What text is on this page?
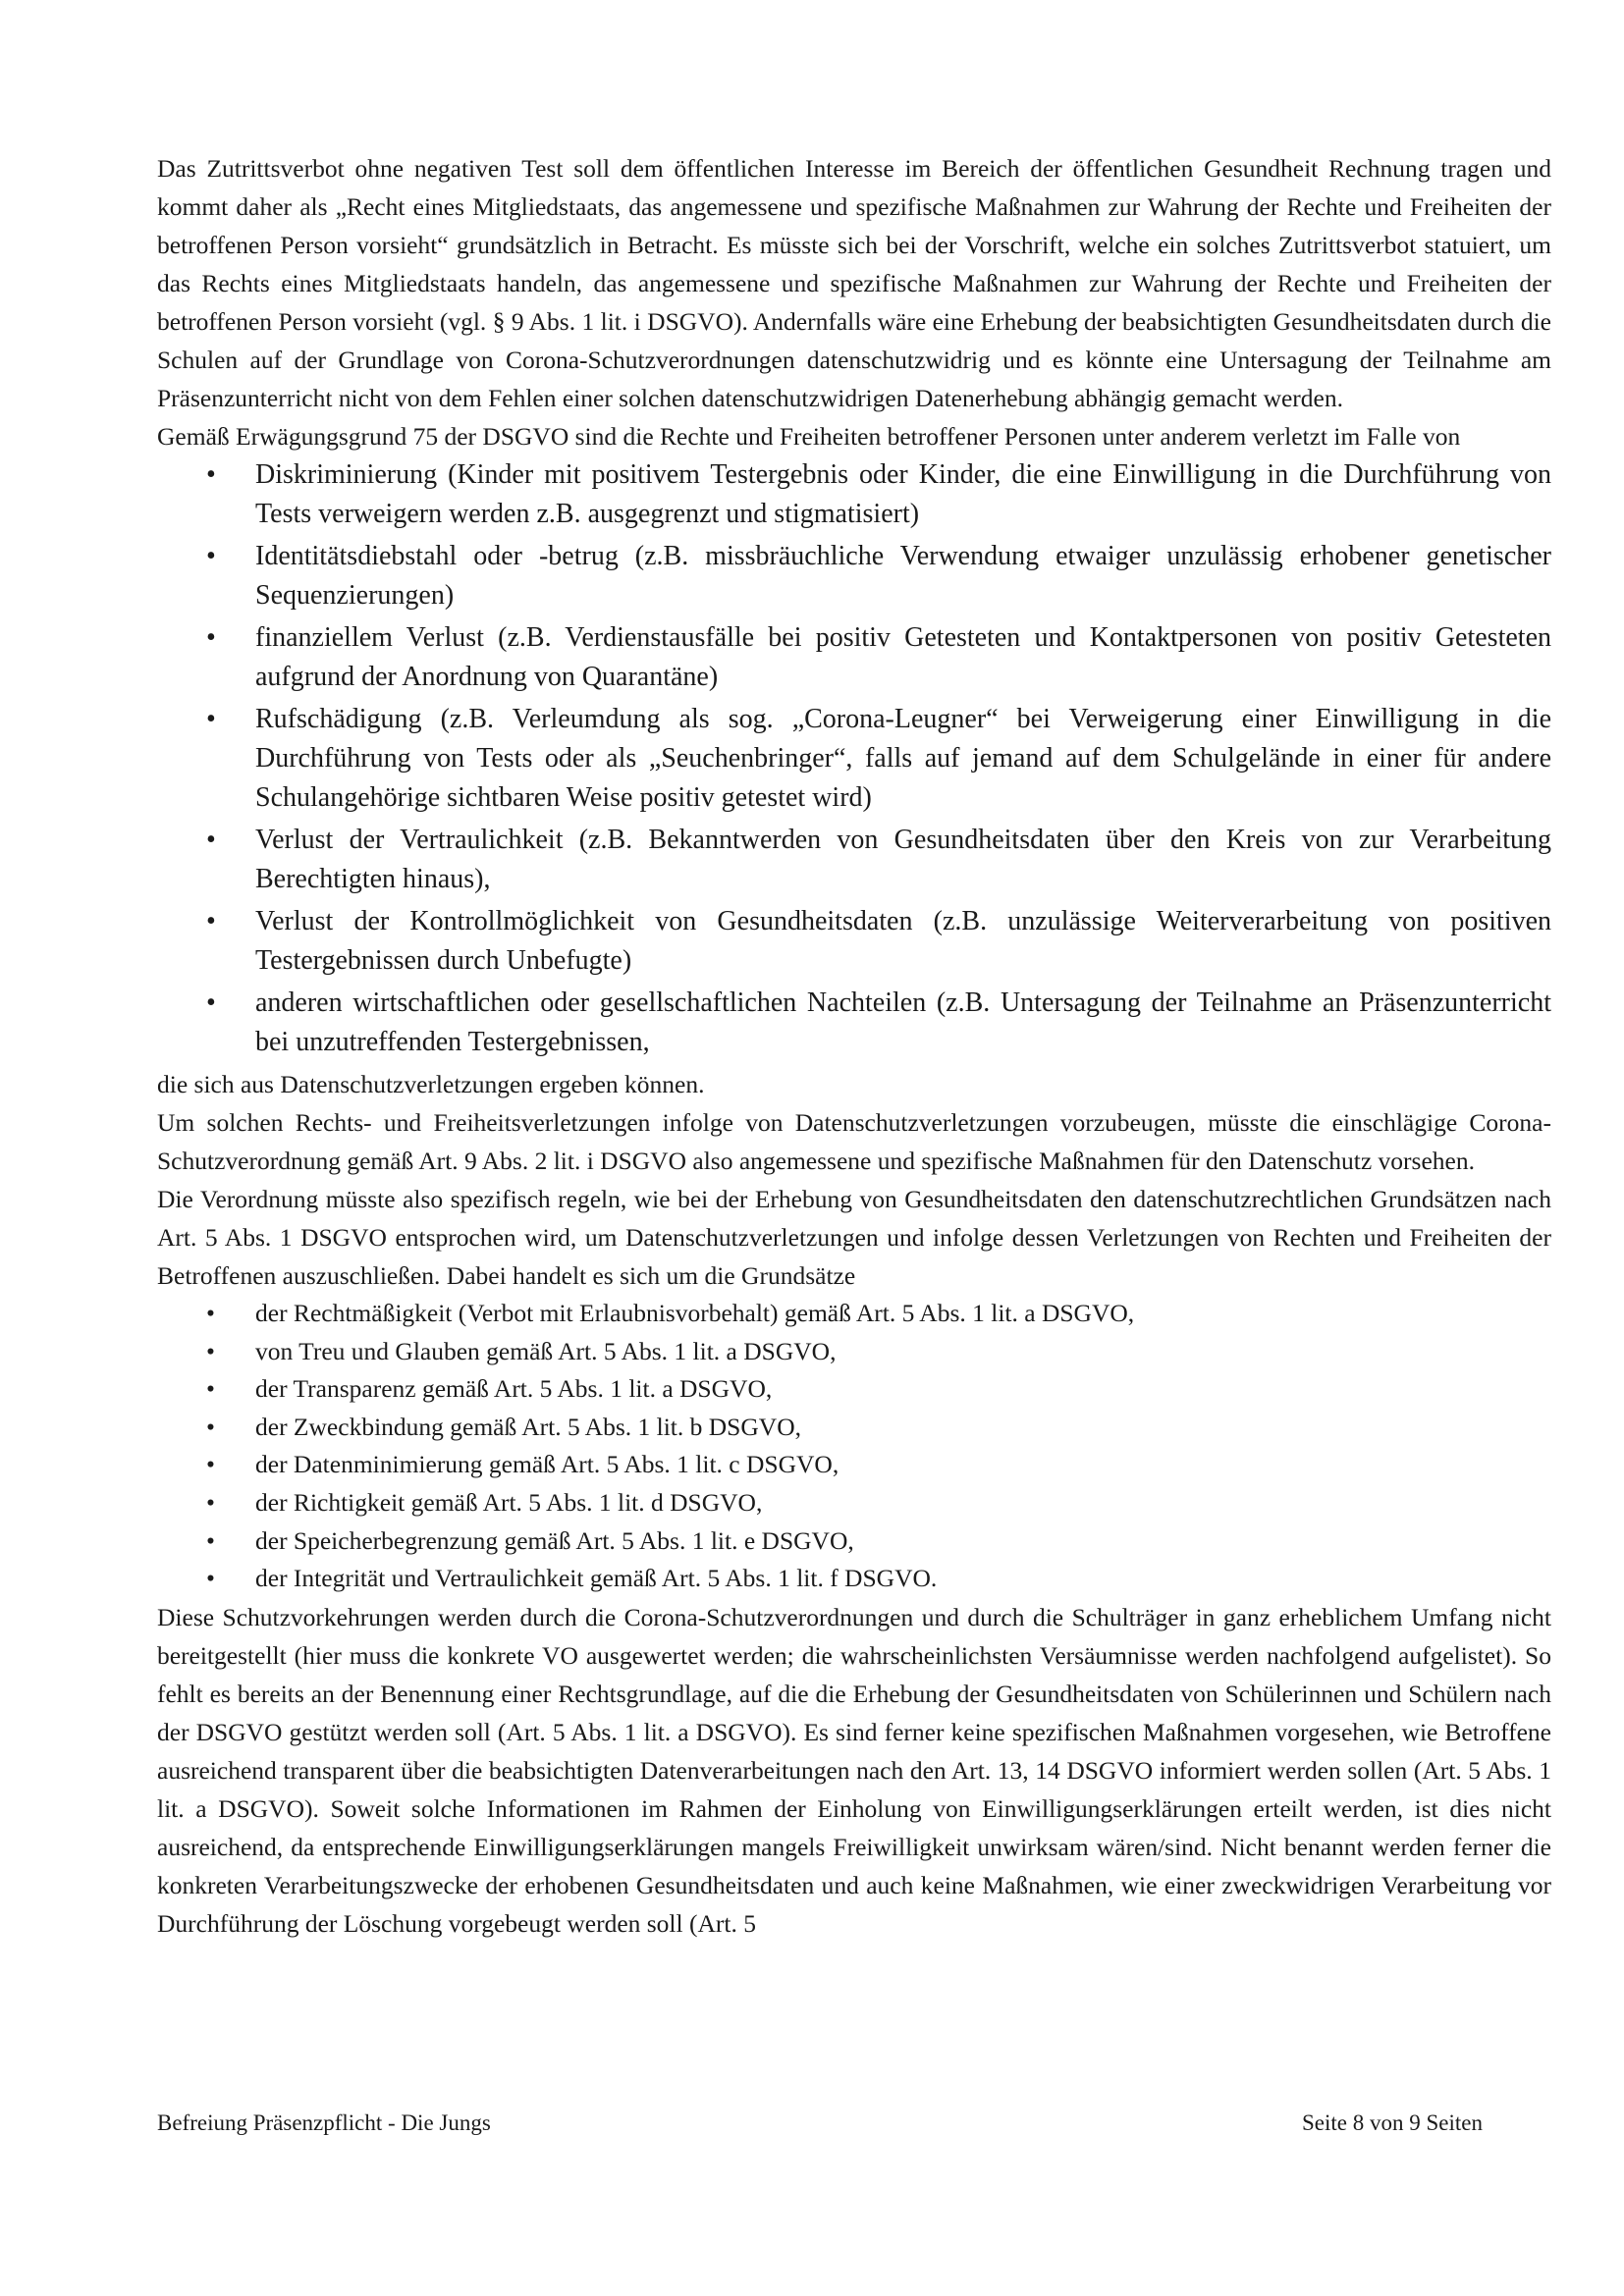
Das Zutrittsverbot ohne negativen Test soll dem öffentlichen Interesse im Bereich der öffentlichen Gesundheit Rechnung tragen und kommt daher als „Recht eines Mitgliedstaats, das angemessene und spezifische Maßnahmen zur Wahrung der Rechte und Freiheiten der betroffenen Person vorsieht“ grundsätzlich in Betracht. Es müsste sich bei der Vorschrift, welche ein solches Zutrittsverbot statuiert, um das Rechts eines Mitgliedstaats handeln, das angemessene und spezifische Maßnahmen zur Wahrung der Rechte und Freiheiten der betroffenen Person vorsieht (vgl. § 9 Abs. 1 lit. i DSGVO). Andernfalls wäre eine Erhebung der beabsichtigten Gesundheitsdaten durch die Schulen auf der Grundlage von Corona-Schutzverordnungen datenschutzwidrig und es könnte eine Untersagung der Teilnahme am Präsenzunterricht nicht von dem Fehlen einer solchen datenschutzwidrigen Datenerhebung abhängig gemacht werden.

Gemäß Erwägungsgrund 75 der DSGVO sind die Rechte und Freiheiten betroffener Personen unter anderem verletzt im Falle von

• Diskriminierung (Kinder mit positivem Testergebnis oder Kinder, die eine Einwilligung in die Durchführung von Tests verweigern werden z.B. ausgegrenzt und stigmatisiert)
• Identitätsdiebstahl oder -betrug (z.B. missbräuchliche Verwendung etwaiger unzulässig erhobener genetischer Sequenzierungen)
• finanziellem Verlust (z.B. Verdienstausfälle bei positiv Getesteten und Kontaktpersonen von positiv Getesteten aufgrund der Anordnung von Quarantäne)
• Rufschädigung (z.B. Verleumdung als sog. „Corona-Leugner“ bei Verweigerung einer Einwilligung in die Durchführung von Tests oder als „Seuchenbringer“, falls auf jemand auf dem Schulgelände in einer für andere Schulangehörige sichtbaren Weise positiv getestet wird)
• Verlust der Vertraulichkeit (z.B. Bekanntwerden von Gesundheitsdaten über den Kreis von zur Verarbeitung Berechtigten hinaus),
• Verlust der Kontrollmöglichkeit von Gesundheitsdaten (z.B. unzulässige Weiterverarbeitung von positiven Testergebnissen durch Unbefugte)
• anderen wirtschaftlichen oder gesellschaftlichen Nachteilen (z.B. Untersagung der Teilnahme an Präsenzunterricht bei unzutreffenden Testergebnissen,

die sich aus Datenschutzverletzungen ergeben können.

Um solchen Rechts- und Freiheitsverletzungen infolge von Datenschutzverletzungen vorzubeugen, müsste die einschlägige Corona-Schutzverordnung gemäß Art. 9 Abs. 2 lit. i DSGVO also angemessene und spezifische Maßnahmen für den Datenschutz vorsehen.

Die Verordnung müsste also spezifisch regeln, wie bei der Erhebung von Gesundheitsdaten den datenschutzrechtlichen Grundsätzen nach Art. 5 Abs. 1 DSGVO entsprochen wird, um Datenschutzverletzungen und infolge dessen Verletzungen von Rechten und Freiheiten der Betroffenen auszuschließen. Dabei handelt es sich um die Grundsätze

• der Rechtmäßigkeit (Verbot mit Erlaubnisvorbehalt) gemäß Art. 5 Abs. 1 lit. a DSGVO,
• von Treu und Glauben gemäß Art. 5 Abs. 1 lit. a DSGVO,
• der Transparenz gemäß Art. 5 Abs. 1 lit. a DSGVO,
• der Zweckbindung gemäß Art. 5 Abs. 1 lit. b DSGVO,
• der Datenminimierung gemäß Art. 5 Abs. 1 lit. c DSGVO,
• der Richtigkeit gemäß Art. 5 Abs. 1 lit. d DSGVO,
• der Speicherbegrenzung gemäß Art. 5 Abs. 1 lit. e DSGVO,
• der Integrität und Vertraulichkeit gemäß Art. 5 Abs. 1 lit. f DSGVO.

Diese Schutzvorkehrungen werden durch die Corona-Schutzverordnungen und durch die Schulträger in ganz erheblichem Umfang nicht bereitgestellt (hier muss die konkrete VO ausgewertet werden; die wahrscheinlichsten Versäumnisse werden nachfolgend aufgelistet). So fehlt es bereits an der Benennung einer Rechtsgrundlage, auf die die Erhebung der Gesundheitsdaten von Schülerinnen und Schülern nach der DSGVO gestützt werden soll (Art. 5 Abs. 1 lit. a DSGVO). Es sind ferner keine spezifischen Maßnahmen vorgesehen, wie Betroffene ausreichend transparent über die beabsichtigten Datenverarbeitungen nach den Art. 13, 14 DSGVO informiert werden sollen (Art. 5 Abs. 1 lit. a DSGVO). Soweit solche Informationen im Rahmen der Einholung von Einwilligungserklärungen erteilt werden, ist dies nicht ausreichend, da entsprechende Einwilligungserklärungen mangels Freiwilligkeit unwirksam wären/sind. Nicht benannt werden ferner die konkreten Verarbeitungszwecke der erhobenen Gesundheitsdaten und auch keine Maßnahmen, wie einer zweckwidrigen Verarbeitung vor Durchführung der Löschung vorgebeugt werden soll (Art. 5

Befreiung Präsenzpflicht - Die Jungs	Seite 8 von 9 Seiten
